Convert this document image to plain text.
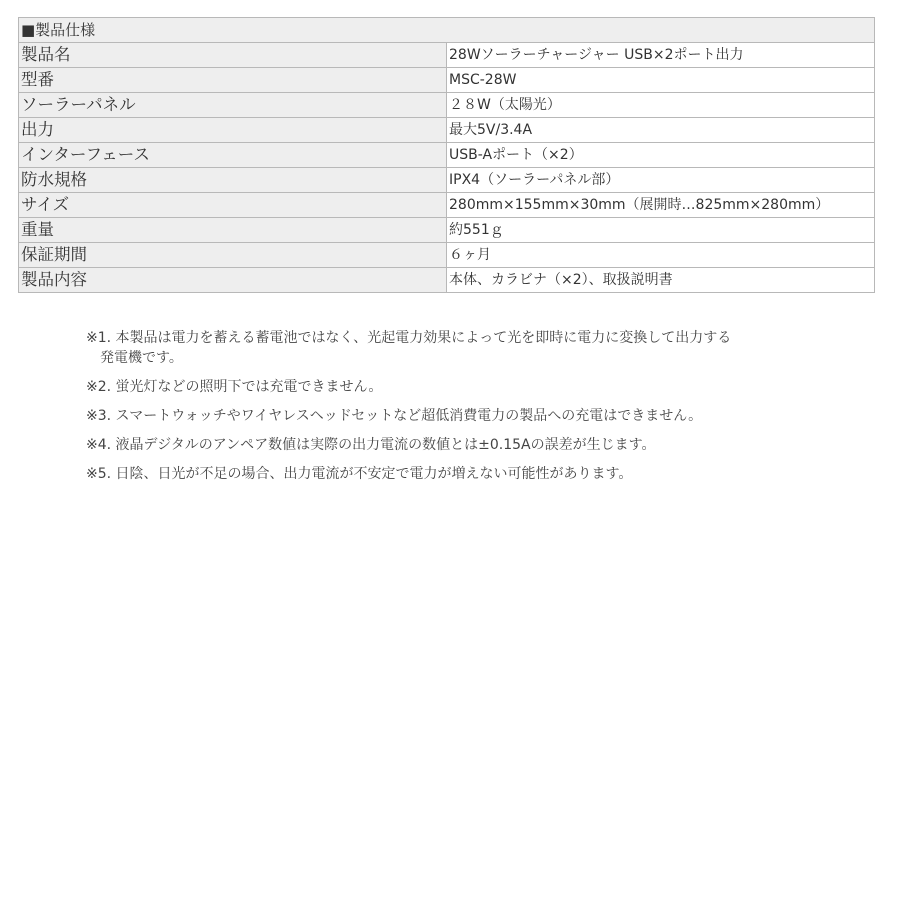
■製品仕様	
製品名	28Wソーラーチャージャー USB×2ポート出力
型番	MSC-28W
ソーラーパネル	２８W（太陽光）
出力	最大5V/3.4A
インターフェース	USB-Aポート（×2）
防水規格	IPX4（ソーラーパネル部）
サイズ	280mm×155mm×30mm（展開時…825mm×280mm）
重量	約551ｇ
保証期間	６ヶ月
製品内容	本体、カラビナ（×2）、取扱説明書
※1. 本製品は電力を蓄える蓄電池ではなく、光起電力効果によって光を即時に電力に変換して出力する
発電機です。
※2. 蛍光灯などの照明下では充電できません。
※3. スマートウォッチやワイヤレスヘッドセットなど超低消費電力の製品への充電はできません。
※4. 液晶デジタルのアンペア数値は実際の出力電流の数値とは±0.15Aの誤差が生じます。
※5. 日陰、日光が不足の場合、出力電流が不安定で電力が増えない可能性があります。
